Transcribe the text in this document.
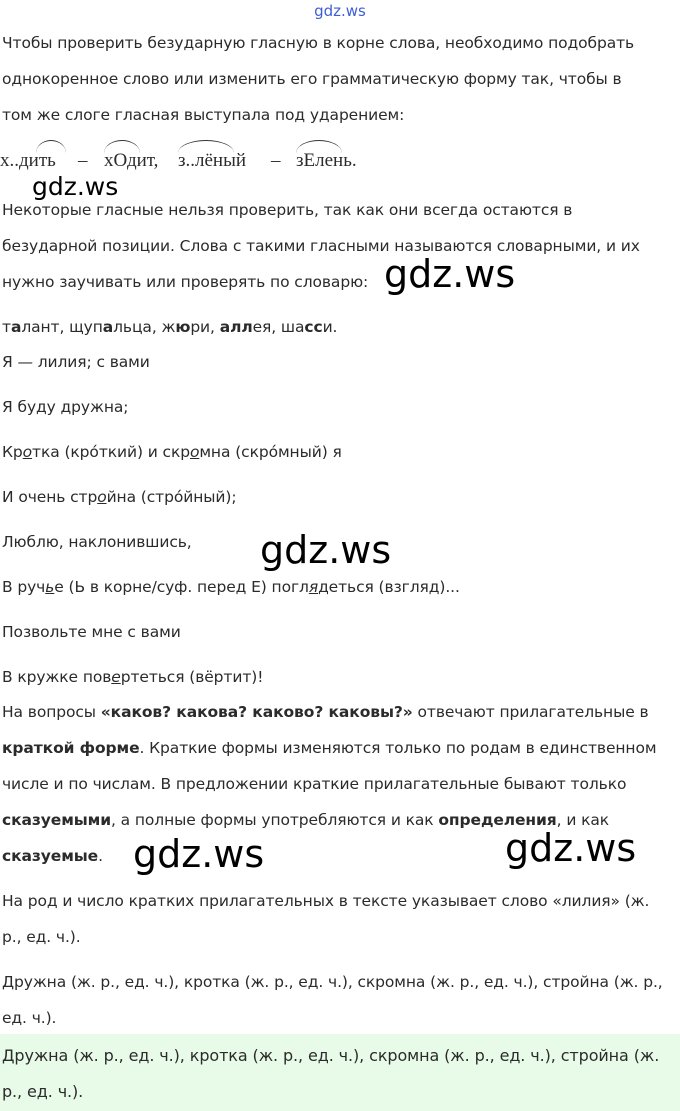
gdz.ws
Чтобы проверить безударную гласную в корне слова, необходимо подобрать
однокоренное слово или изменить его грамматическую форму так, чтобы в
том же слоге гласная выступала под ударением:
х..дить – хОдит, з..лёный – зЕлень.
gdz.ws
Некоторые гласные нельзя проверить, так как они всегда остаются в
безударной позиции. Слова с такими гласными называются словарными, и их
нужно заучивать или проверять по словарю: gdz.ws
талант, щупальца, жюри, аллея, шасси.
Я — лилия; с вами
Я буду дружна;
Кротка (кро́ткий) и скромна (скро́мный) я
И очень стройна (стро́йный);
Люблю, наклонившись, gdz.ws
В ручье (Ь в корне/суф. перед Е) поглядеться (взгляд)...
Позвольте мне с вами
В кружке повертеться (вёртит)!
На вопросы «каков? какова? каково? каковы?» отвечают прилагательные в
краткой форме. Краткие формы изменяются только по родам в единственном
числе и по числам. В предложении краткие прилагательные бывают только
сказуемыми, а полные формы употребляются и как определения, и как
сказуемые. gdz.ws	gdz.ws
На род и число кратких прилагательных в тексте указывает слово «лилия» (ж.
р., ед. ч.).
Дружна (ж. р., ед. ч.), кротка (ж. р., ед. ч.), скромна (ж. р., ед. ч.), стройна (ж. р.,
ед. ч.).
Дружна (ж. р., ед. ч.), кротка (ж. р., ед. ч.), скромна (ж. р., ед. ч.), стройна (ж.
р., ед. ч.).
